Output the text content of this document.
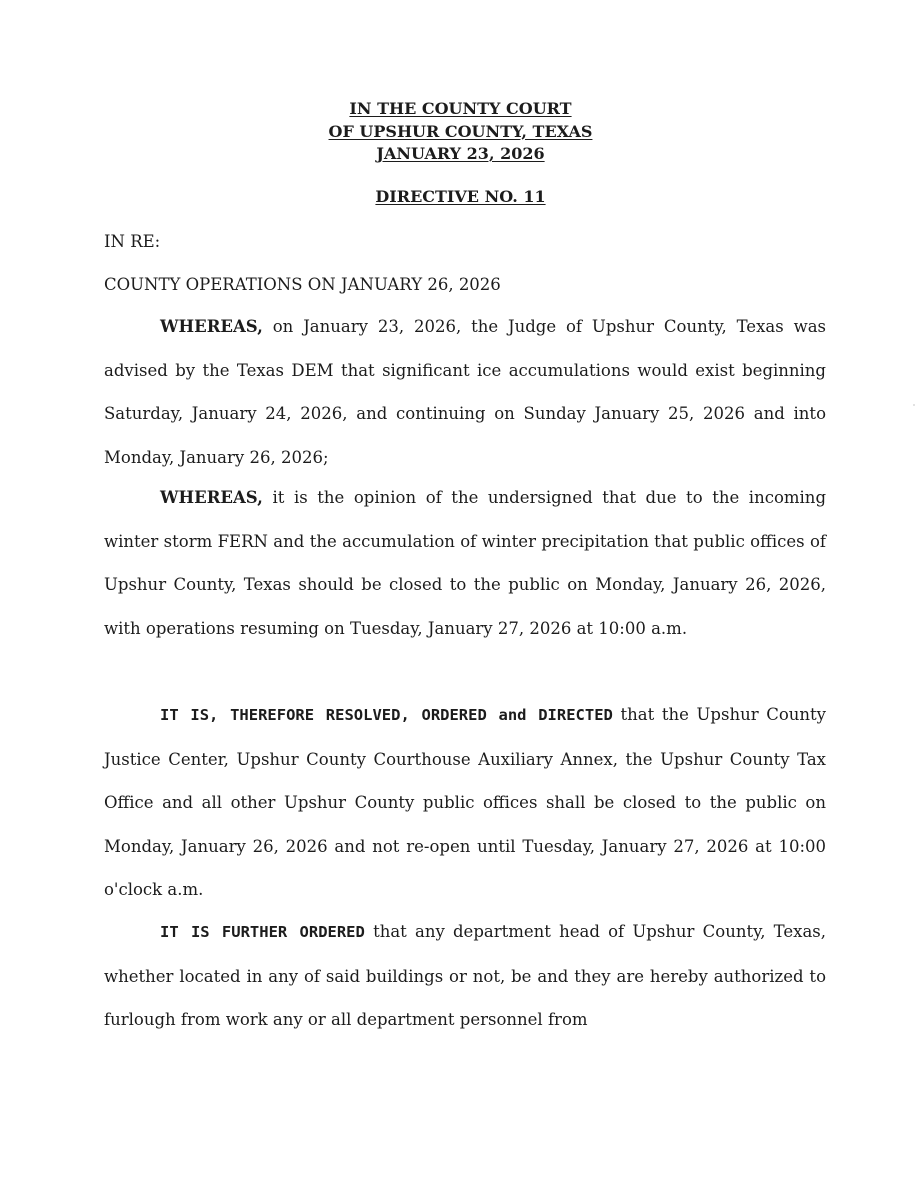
IN THE COUNTY COURT
OF UPSHUR COUNTY, TEXAS
JANUARY 23, 2026
DIRECTIVE NO. 11
IN RE:
COUNTY OPERATIONS ON JANUARY 26, 2026

WHEREAS, on January 23, 2026, the Judge of Upshur County, Texas was advised by the Texas DEM that significant ice accumulations would exist beginning Saturday, January 24, 2026, and continuing on Sunday January 25, 2026 and into Monday, January 26, 2026;

WHEREAS, it is the opinion of the undersigned that due to the incoming winter storm FERN and the accumulation of winter precipitation that public offices of Upshur County, Texas should be closed to the public on Monday, January 26, 2026, with operations resuming on Tuesday, January 27, 2026 at 10:00 a.m.

IT IS, THEREFORE RESOLVED, ORDERED and DIRECTED that the Upshur County Justice Center, Upshur County Courthouse Auxiliary Annex, the Upshur County Tax Office and all other Upshur County public offices shall be closed to the public on Monday, January 26, 2026 and not re-open until Tuesday, January 27, 2026 at 10:00 o'clock a.m.

IT IS FURTHER ORDERED that any department head of Upshur County, Texas, whether located in any of said buildings or not, be and they are hereby authorized to furlough from work any or all department personnel from
